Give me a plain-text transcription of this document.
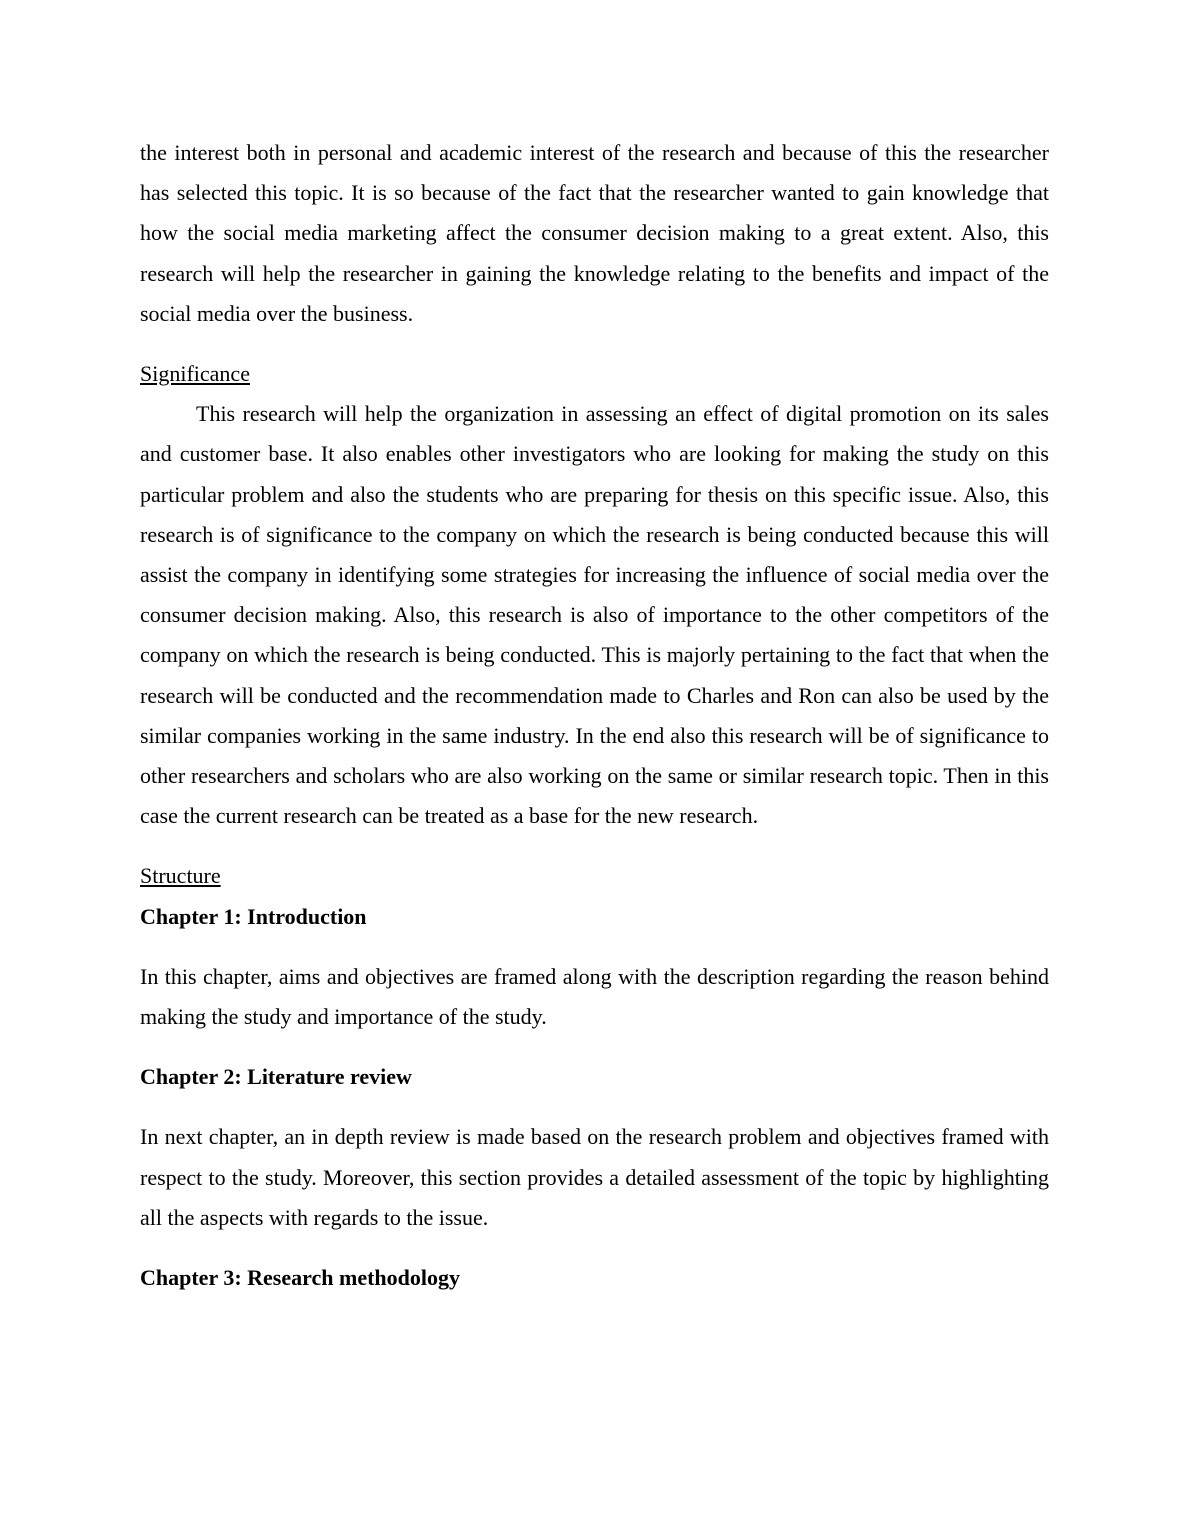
the interest both in personal and academic interest of the research and because of this the researcher has selected this topic. It is so because of the fact that the researcher wanted to gain knowledge that how the social media marketing affect the consumer decision making to a great extent. Also, this research will help the researcher in gaining the knowledge relating to the benefits and impact of the social media over the business.

Significance

This research will help the organization in assessing an effect of digital promotion on its sales and customer base. It also enables other investigators who are looking for making the study on this particular problem and also the students who are preparing for thesis on this specific issue. Also, this research is of significance to the company on which the research is being conducted because this will assist the company in identifying some strategies for increasing the influence of social media over the consumer decision making. Also, this research is also of importance to the other competitors of the company on which the research is being conducted. This is majorly pertaining to the fact that when the research will be conducted and the recommendation made to Charles and Ron can also be used by the similar companies working in the same industry. In the end also this research will be of significance to other researchers and scholars who are also working on the same or similar research topic. Then in this case the current research can be treated as a base for the new research.

Structure
Chapter 1: Introduction

In this chapter, aims and objectives are framed along with the description regarding the reason behind making the study and importance of the study.

Chapter 2: Literature review

In next chapter, an in depth review is made based on the research problem and objectives framed with respect to the study. Moreover, this section provides a detailed assessment of the topic by highlighting all the aspects with regards to the issue.

Chapter 3: Research methodology
